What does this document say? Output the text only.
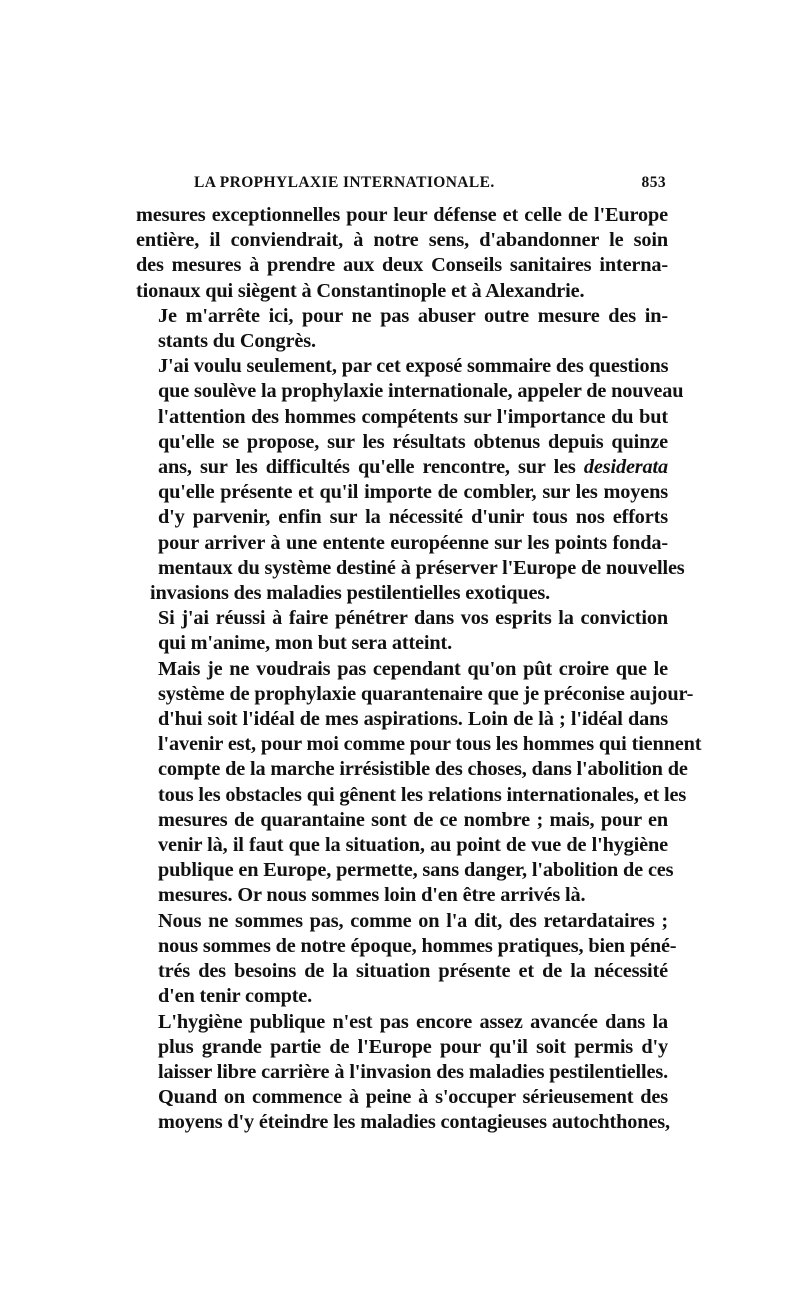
LA PROPHYLAXIE INTERNATIONALE.	853
mesures exceptionnelles pour leur défense et celle de l'Europe
entière, il conviendrait, à notre sens, d'abandonner le soin
des mesures à prendre aux deux Conseils sanitaires interna-
tionaux qui siègent à Constantinople et à Alexandrie.
Je m'arrête ici, pour ne pas abuser outre mesure des in-
stants du Congrès.
J'ai voulu seulement, par cet exposé sommaire des questions
que soulève la prophylaxie internationale, appeler de nouveau
l'attention des hommes compétents sur l'importance du but
qu'elle se propose, sur les résultats obtenus depuis quinze
ans, sur les difficultés qu'elle rencontre, sur les desiderata
qu'elle présente et qu'il importe de combler, sur les moyens
d'y parvenir, enfin sur la nécessité d'unir tous nos efforts
pour arriver à une entente européenne sur les points fonda-
mentaux du système destiné à préserver l'Europe de nouvelles
invasions des maladies pestilentielles exotiques.
Si j'ai réussi à faire pénétrer dans vos esprits la conviction
qui m'anime, mon but sera atteint.
Mais je ne voudrais pas cependant qu'on pût croire que le
système de prophylaxie quarantenaire que je préconise aujour-
d'hui soit l'idéal de mes aspirations. Loin de là ; l'idéal dans
l'avenir est, pour moi comme pour tous les hommes qui tiennent
compte de la marche irrésistible des choses, dans l'abolition de
tous les obstacles qui gênent les relations internationales, et les
mesures de quarantaine sont de ce nombre ; mais, pour en
venir là, il faut que la situation, au point de vue de l'hygiène
publique en Europe, permette, sans danger, l'abolition de ces
mesures. Or nous sommes loin d'en être arrivés là.
Nous ne sommes pas, comme on l'a dit, des retardataires ;
nous sommes de notre époque, hommes pratiques, bien péné-
trés des besoins de la situation présente et de la nécessité
d'en tenir compte.
L'hygiène publique n'est pas encore assez avancée dans la
plus grande partie de l'Europe pour qu'il soit permis d'y
laisser libre carrière à l'invasion des maladies pestilentielles.
Quand on commence à peine à s'occuper sérieusement des
moyens d'y éteindre les maladies contagieuses autochthones,
